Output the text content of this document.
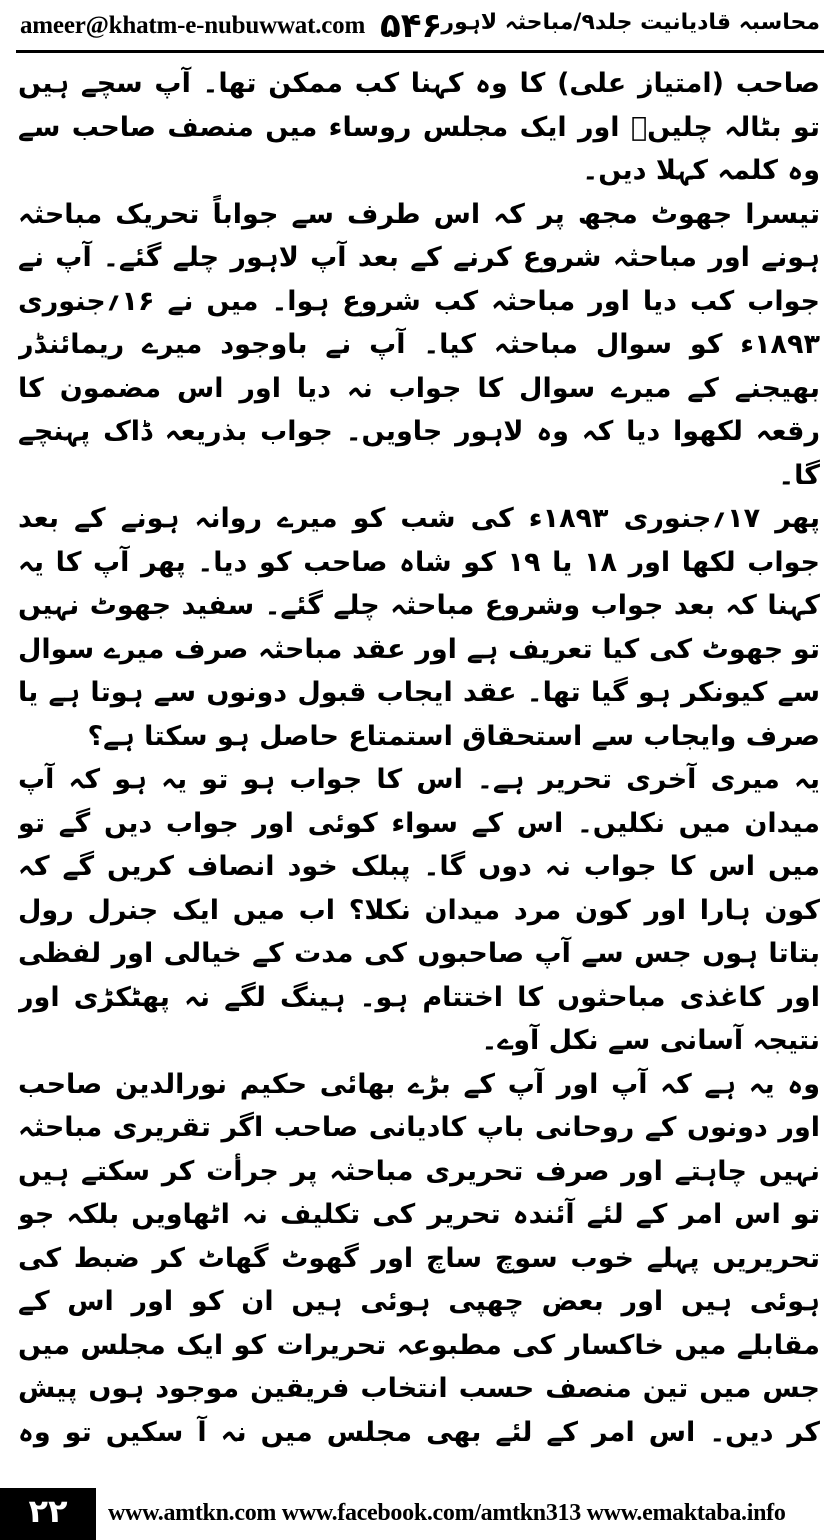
ameer@khatm-e-nubuwwat.com ۵۴۶ محاسبہ قادیانیت جلد۹/مباحثہ لاہور

صاحب (امتیاز علی) کا وہ کہنا کب ممکن تھا۔ آپ سچے ہیں تو بٹالہ چلیںؑ اور ایک مجلس روساء میں منصف صاحب سے وہ کلمہ کہلا دیں۔

تیسرا جھوٹ مجھ پر کہ اس طرف سے جواباً تحریک مباحثہ ہونے اور مباحثہ شروع کرنے کے بعد آپ لاہور چلے گئے۔ آپ نے جواب کب دیا اور مباحثہ کب شروع ہوا۔ میں نے ۱۶؍جنوری ۱۸۹۳ء کو سوال مباحثہ کیا۔ آپ نے باوجود میرے ریمائنڈر بھیجنے کے میرے سوال کا جواب نہ دیا اور اس مضمون کا رقعہ لکھوا دیا کہ وہ لاہور جاویں۔ جواب بذریعہ ڈاک پہنچے گا۔

پھر ۱۷؍جنوری ۱۸۹۳ء کی شب کو میرے روانہ ہونے کے بعد جواب لکھا اور ۱۸ یا ۱۹ کو شاہ صاحب کو دیا۔ پھر آپ کا یہ کہنا کہ بعد جواب وشروع مباحثہ چلے گئے۔ سفید جھوٹ نہیں تو جھوٹ کی کیا تعریف ہے اور عقد مباحثہ صرف میرے سوال سے کیونکر ہو گیا تھا۔ عقد ایجاب قبول دونوں سے ہوتا ہے یا صرف وایجاب سے استحقاق استمتاع حاصل ہو سکتا ہے؟

یہ میری آخری تحریر ہے۔ اس کا جواب ہو تو یہ ہو کہ آپ میدان میں نکلیں۔ اس کے سواء کوئی اور جواب دیں گے تو میں اس کا جواب نہ دوں گا۔ پبلک خود انصاف کریں گے کہ کون ہارا اور کون مرد میدان نکلا؟ اب میں ایک جنرل رول بتاتا ہوں جس سے آپ صاحبوں کی مدت کے خیالی اور لفظی اور کاغذی مباحثوں کا اختتام ہو۔ ہینگ لگے نہ پھٹکڑی اور نتیجہ آسانی سے نکل آوے۔

وہ یہ ہے کہ آپ اور آپ کے بڑے بھائی حکیم نورالدین صاحب اور دونوں کے روحانی باپ کادیانی صاحب اگر تقریری مباحثہ نہیں چاہتے اور صرف تحریری مباحثہ پر جرأت کر سکتے ہیں تو اس امر کے لئے آئندہ تحریر کی تکلیف نہ اٹھاویں بلکہ جو تحریریں پہلے خوب سوچ ساچ اور گھوٹ گھاٹ کر ضبط کی ہوئی ہیں اور بعض چھپی ہوئی ہیں ان کو اور اس کے مقابلے میں خاکسار کی مطبوعہ تحریرات کو ایک مجلس میں جس میں تین منصف حسب انتخاب فریقین موجود ہوں پیش کر دیں۔ اس امر کے لئے بھی مجلس میں نہ آ سکیں تو وہ

۲۲	www.amtkn.com www.facebook.com/amtkn313 www.emaktaba.info
